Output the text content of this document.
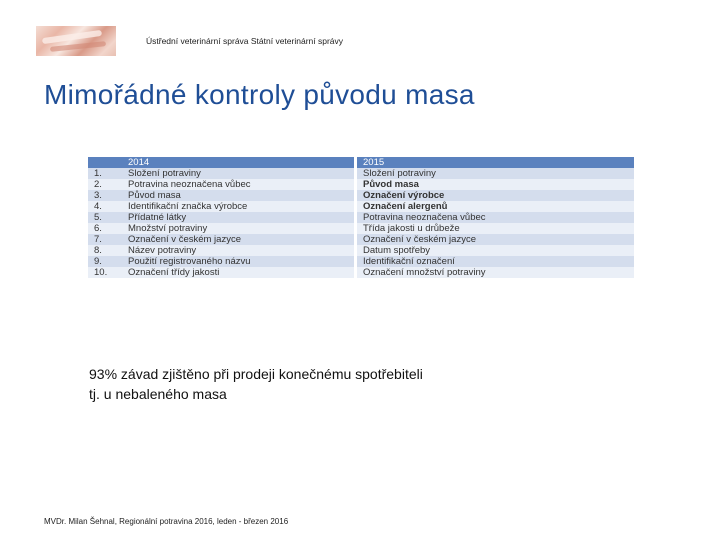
Ústřední veterinární správa Státní veterinární správy
Mimořádné kontroly původu masa
	2014	2015
1.	Složení potraviny	Složení potraviny
2.	Potravina neoznačena vůbec	Původ masa
3.	Původ masa	Označení výrobce
4.	Identifikační značka výrobce	Označení alergenů
5.	Přídatné látky	Potravina neoznačena vůbec
6.	Množství potraviny	Třída jakosti u drůbeže
7.	Označení v českém jazyce	Označení v českém jazyce
8.	Název potraviny	Datum spotřeby
9.	Použití registrovaného názvu	Identifikační označení
10.	Označení třídy jakosti	Označení množství potraviny
93% závad zjištěno při prodeji konečnému spotřebiteli
tj. u nebaleného masa
MVDr. Milan Šehnal, Regionální potravina 2016, leden - březen 2016
